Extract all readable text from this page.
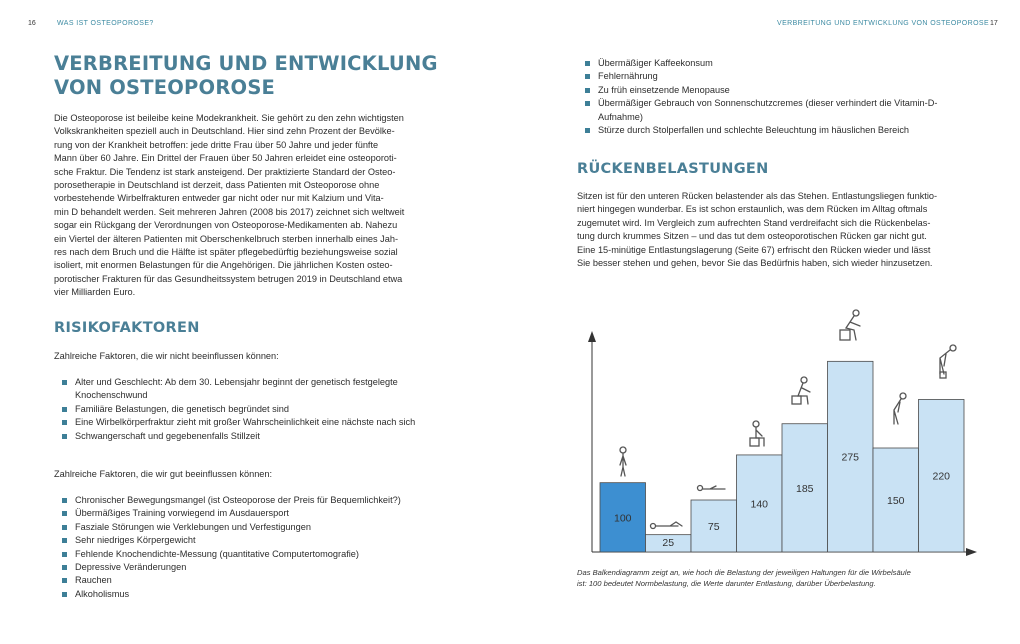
16	WAS IST OSTEOPOROSE?	VERBREITUNG UND ENTWICKLUNG VON OSTEOPOROSE 17
VERBREITUNG UND ENTWICKLUNG
VON OSTEOPOROSE
Die Osteoporose ist beileibe keine Modekrankheit. Sie gehört zu den zehn wichtigsten
Volkskrankheiten speziell auch in Deutschland. Hier sind zehn Prozent der Bevölke-
rung von der Krankheit betroffen: jede dritte Frau über 50 Jahre und jeder fünfte
Mann über 60 Jahre. Ein Drittel der Frauen über 50 Jahren erleidet eine osteoporoti-
sche Fraktur. Die Tendenz ist stark ansteigend. Der praktizierte Standard der Osteo-
porosetherapie in Deutschland ist derzeit, dass Patienten mit Osteoporose ohne
vorbestehende Wirbelfrakturen entweder gar nicht oder nur mit Kalzium und Vita-
min D behandelt werden. Seit mehreren Jahren (2008 bis 2017) zeichnet sich weltweit
sogar ein Rückgang der Verordnungen von Osteoporose-Medikamenten ab. Nahezu
ein Viertel der älteren Patienten mit Oberschenkelbruch sterben innerhalb eines Jah-
res nach dem Bruch und die Hälfte ist später pflegebedürftig beziehungsweise sozial
isoliert, mit enormen Belastungen für die Angehörigen. Die jährlichen Kosten osteo-
porotischer Frakturen für das Gesundheitssystem betrugen 2019 in Deutschland etwa
vier Milliarden Euro.
RISIKOFAKTOREN
Zahlreiche Faktoren, die wir nicht beeinflussen können:
Alter und Geschlecht: Ab dem 30. Lebensjahr beginnt der genetisch festgelegte Knochenschwund
Familiäre Belastungen, die genetisch begründet sind
Eine Wirbelkörperfraktur zieht mit großer Wahrscheinlichkeit eine nächste nach sich
Schwangerschaft und gegebenenfalls Stillzeit
Zahlreiche Faktoren, die wir gut beeinflussen können:
Chronischer Bewegungsmangel (ist Osteoporose der Preis für Bequemlichkeit?)
Übermäßiges Training vorwiegend im Ausdauersport
Fasziale Störungen wie Verklebungen und Verfestigungen
Sehr niedriges Körpergewicht
Fehlende Knochendichte-Messung (quantitative Computertomografie)
Depressive Veränderungen
Rauchen
Alkoholismus
Übermäßiger Kaffeekonsum
Fehlernährung
Zu früh einsetzende Menopause
Übermäßiger Gebrauch von Sonnenschutzcremes (dieser verhindert die Vitamin-D-Aufnahme)
Stürze durch Stolperfallen und schlechte Beleuchtung im häuslichen Bereich
RÜCKENBELASTUNGEN
Sitzen ist für den unteren Rücken belastender als das Stehen. Entlastungsliegen funktio-
niert hingegen wunderbar. Es ist schon erstaunlich, was dem Rücken im Alltag oftmals
zugemutet wird. Im Vergleich zum aufrechten Stand verdreifacht sich die Rückenbelas-
tung durch krummes Sitzen – und das tut dem osteoporotischen Rücken gar nicht gut.
Eine 15-minütige Entlastungslagerung (Seite 67) erfrischt den Rücken wieder und lässt
Sie besser stehen und gehen, bevor Sie das Bedürfnis haben, sich wieder hinzusetzen.
100
25
75
140
185
275
150
220
Das Balkendiagramm zeigt an, wie hoch die Belastung der jeweiligen Haltungen für die Wirbelsäule
ist: 100 bedeutet Normbelastung, die Werte darunter Entlastung, darüber Überbelastung.
